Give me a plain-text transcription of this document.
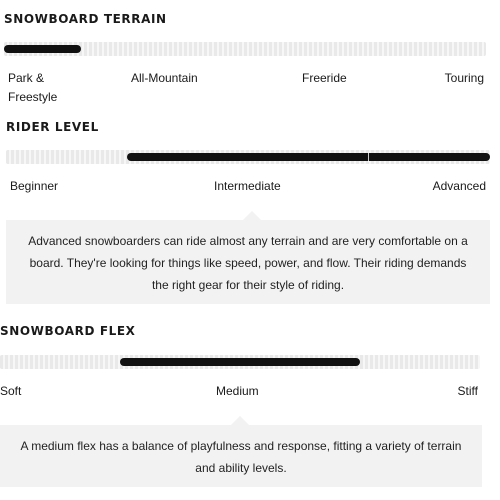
SNOWBOARD TERRAIN
Park &
Freestyle
All-Mountain	Freeride	Touring
RIDER LEVEL
Beginner	Intermediate	Advanced
Advanced snowboarders can ride almost any terrain and are very comfortable on a board. They're looking for things like speed, power, and flow. Their riding demands the right gear for their style of riding.
SNOWBOARD FLEX
Soft	Medium	Stiff
A medium flex has a balance of playfulness and response, fitting a variety of terrain and ability levels.
